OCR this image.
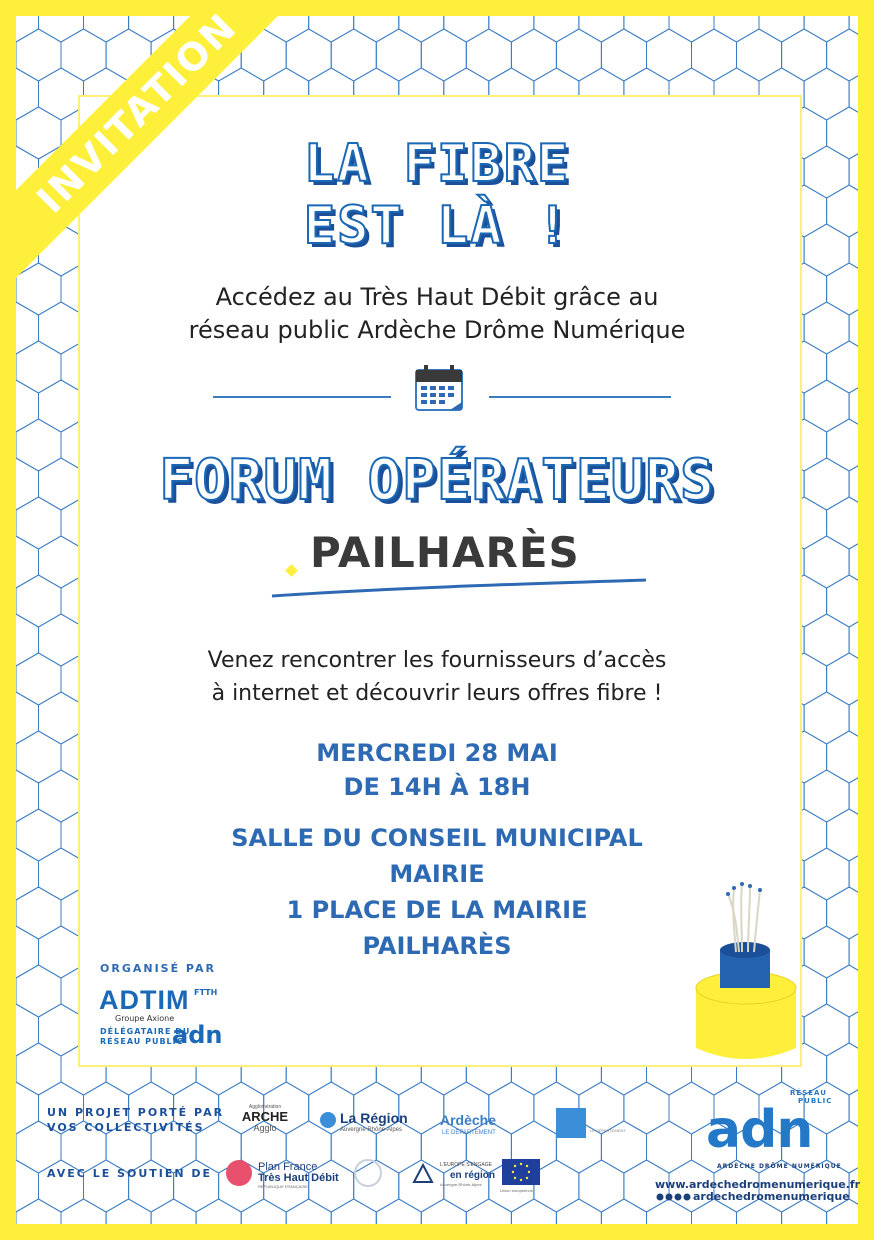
INVITATION	LA FIBRE
EST LÀ !
Accédez au Très Haut Débit grâce au
réseau public Ardèche Drôme Numérique
FORUM OPÉRATEURS
PAILHARÈS
Venez rencontrer les fournisseurs d’accès
à internet et découvrir leurs offres fibre !
MERCREDI 28 MAI
DE 14H À 18H
SALLE DU CONSEIL MUNICIPAL
MAIRIE
1 PLACE DE LA MAIRIE
PAILHARÈS
ORGANISÉ PAR
ADTIM FTTH
Groupe Axione
DÉLÉGATAIRE DU
RÉSEAU PUBLIC
adn
UN PROJET PORTÉ PAR
VOS COLLECTIVITÉS
AVEC LE SOUTIEN DE
Agglomération
ARCHE
Agglo
La Région
Auvergne Rhône-Alpes
Ardèche
LE DÉPARTEMENT	LE DÉPARTEMENT
Plan France
Très Haut Débit
RÉPUBLIQUE FRANÇAISE
L'EUROPE S'ENGAGE
en région
Auvergne-Rhône-Alpes
Union européenne
RÉSEAU
PUBLIC
adn
ARDÈCHE DRÔME NUMÉRIQUE
www.ardechedromenumerique.fr
ardechedromenumerique
